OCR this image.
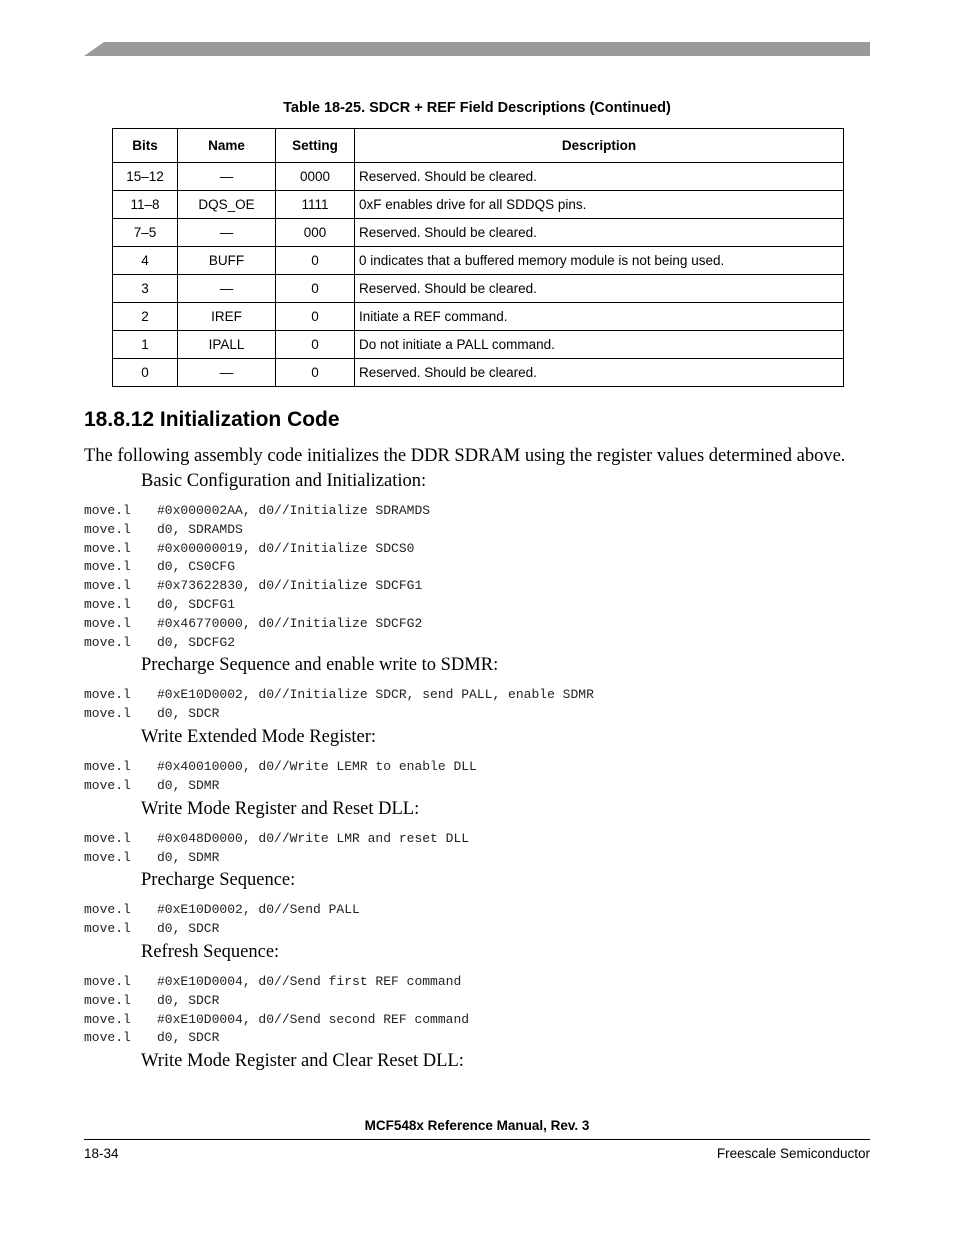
Table 18-25. SDCR + REF Field Descriptions (Continued)
Bits	Name	Setting	Description
15–12	—	0000	Reserved. Should be cleared.
11–8	DQS_OE	1111	0xF enables drive for all SDDQS pins.
7–5	—	000	Reserved. Should be cleared.
4	BUFF	0	0 indicates that a buffered memory module is not being used.
3	—	0	Reserved. Should be cleared.
2	IREF	0	Initiate a REF command.
1	IPALL	0	Do not initiate a PALL command.
0	—	0	Reserved. Should be cleared.
18.8.12 Initialization Code

The following assembly code initializes the DDR SDRAM using the register values determined above.

Basic Configuration and Initialization:

move.l #0x000002AA, d0//Initialize SDRAMDS
move.l d0, SDRAMDS
move.l #0x00000019, d0//Initialize SDCS0
move.l d0, CS0CFG
move.l #0x73622830, d0//Initialize SDCFG1
move.l d0, SDCFG1
move.l #0x46770000, d0//Initialize SDCFG2
move.l d0, SDCFG2

Precharge Sequence and enable write to SDMR:

move.l #0xE10D0002, d0//Initialize SDCR, send PALL, enable SDMR
move.l d0, SDCR

Write Extended Mode Register:

move.l #0x40010000, d0//Write LEMR to enable DLL
move.l d0, SDMR

Write Mode Register and Reset DLL:

move.l #0x048D0000, d0//Write LMR and reset DLL
move.l d0, SDMR

Precharge Sequence:

move.l #0xE10D0002, d0//Send PALL
move.l d0, SDCR

Refresh Sequence:

move.l #0xE10D0004, d0//Send first REF command
move.l d0, SDCR
move.l #0xE10D0004, d0//Send second REF command
move.l d0, SDCR

Write Mode Register and Clear Reset DLL:

MCF548x Reference Manual, Rev. 3
18-34	Freescale Semiconductor
